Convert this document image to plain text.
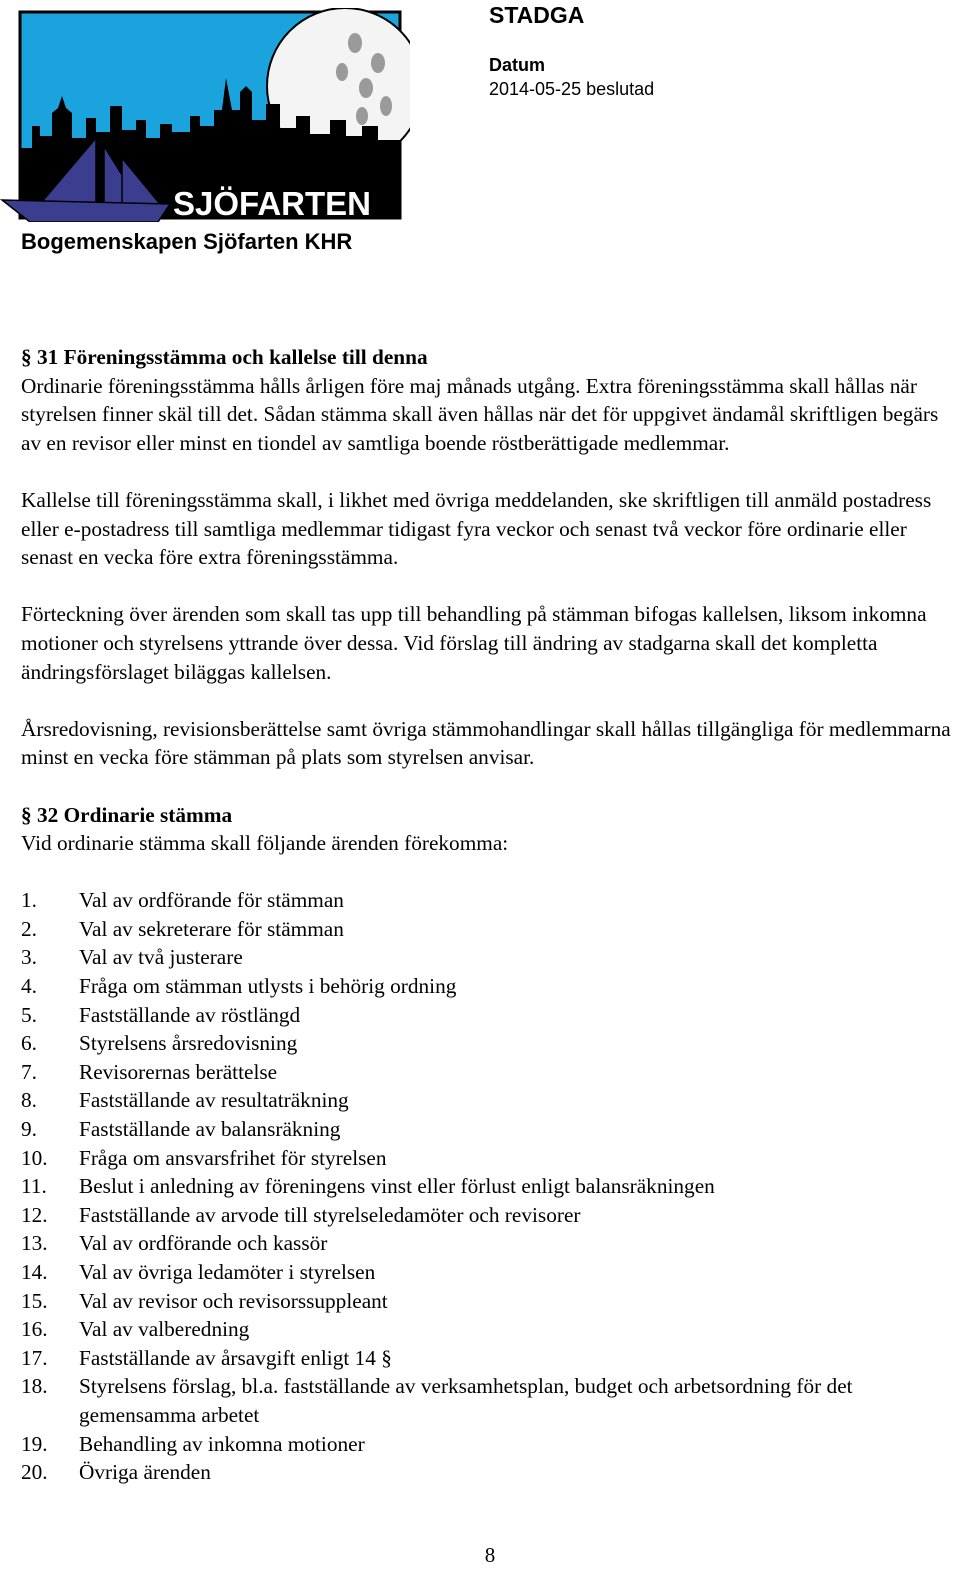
SJÖFARTEN
Bogemenskapen Sjöfarten KHR
STADGA
Datum
2014-05-25 beslutad
§ 31 Föreningsstämma och kallelse till denna

Ordinarie föreningsstämma hålls årligen före maj månads utgång. Extra föreningsstämma skall hållas när styrelsen finner skäl till det. Sådan stämma skall även hållas när det för uppgivet ändamål skriftligen begärs av en revisor eller minst en tiondel av samtliga boende röstberättigade medlemmar.

Kallelse till föreningsstämma skall, i likhet med övriga meddelanden, ske skriftligen till anmäld postadress eller e-postadress till samtliga medlemmar tidigast fyra veckor och senast två veckor före ordinarie eller senast en vecka före extra föreningsstämma.

Förteckning över ärenden som skall tas upp till behandling på stämman bifogas kallelsen, liksom inkomna motioner och styrelsens yttrande över dessa. Vid förslag till ändring av stadgarna skall det kompletta ändringsförslaget biläggas kallelsen.

Årsredovisning, revisionsberättelse samt övriga stämmohandlingar skall hållas tillgängliga för medlemmarna minst en vecka före stämman på plats som styrelsen anvisar.

§ 32 Ordinarie stämma
Vid ordinarie stämma skall följande ärenden förekomma:
1.	Val av ordförande för stämman
2.	Val av sekreterare för stämman
3.	Val av två justerare
4.	Fråga om stämman utlysts i behörig ordning
5.	Fastställande av röstlängd
6.	Styrelsens årsredovisning
7.	Revisorernas berättelse
8.	Fastställande av resultaträkning
9.	Fastställande av balansräkning
10.	Fråga om ansvarsfrihet för styrelsen
11.	Beslut i anledning av föreningens vinst eller förlust enligt balansräkningen
12.	Fastställande av arvode till styrelseledamöter och revisorer
13.	Val av ordförande och kassör
14.	Val av övriga ledamöter i styrelsen
15.	Val av revisor och revisorssuppleant
16.	Val av valberedning
17.	Fastställande av årsavgift enligt 14 §
18.	Styrelsens förslag, bl.a. fastställande av verksamhetsplan, budget och arbetsordning för det gemensamma arbetet
19.	Behandling av inkomna motioner
20.	Övriga ärenden
8
